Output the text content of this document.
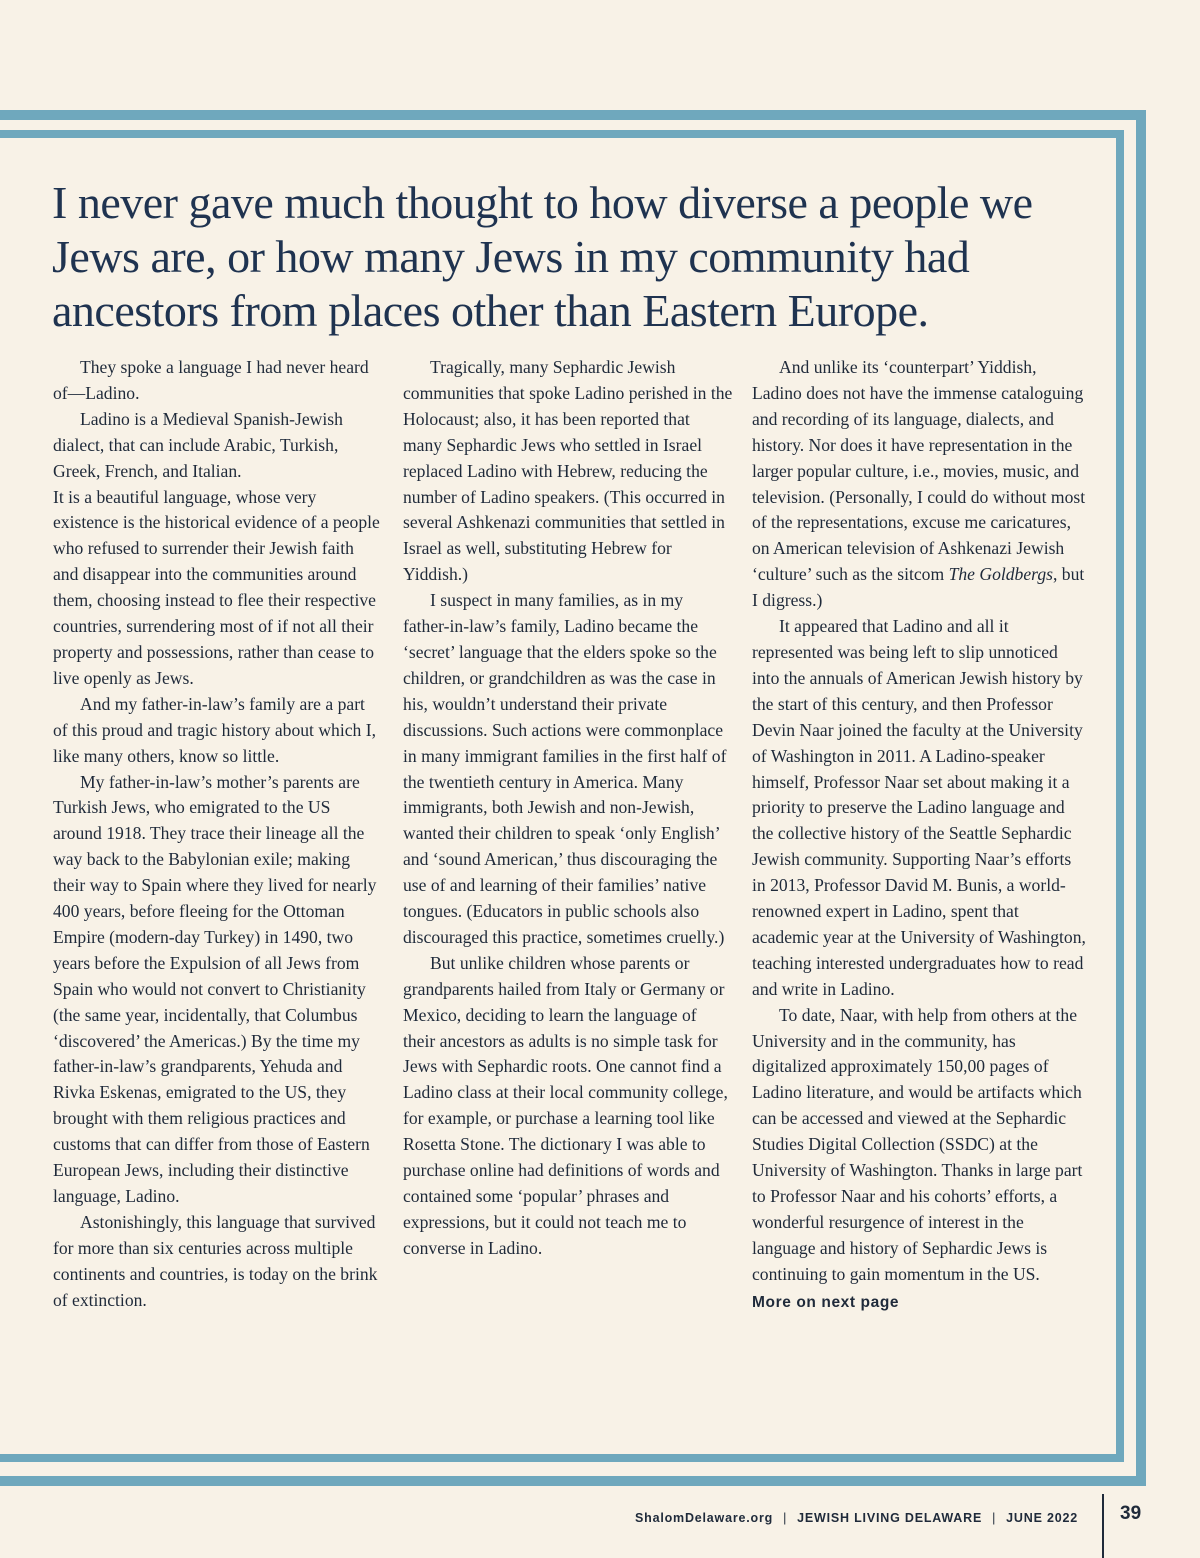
I never gave much thought to how diverse a people we Jews are, or how many Jews in my community had ancestors from places other than Eastern Europe.

They spoke a language I had never heard of—Ladino.

Ladino is a Medieval Spanish-Jewish dialect, that can include Arabic, Turkish, Greek, French, and Italian.

It is a beautiful language, whose very existence is the historical evidence of a people who refused to surrender their Jewish faith and disappear into the communities around them, choosing instead to flee their respective countries, surrendering most of if not all their property and possessions, rather than cease to live openly as Jews.

And my father-in-law’s family are a part of this proud and tragic history about which I, like many others, know so little.

My father-in-law’s mother’s parents are Turkish Jews, who emigrated to the US around 1918. They trace their lineage all the way back to the Babylonian exile; making their way to Spain where they lived for nearly 400 years, before fleeing for the Ottoman Empire (modern-day Turkey) in 1490, two years before the Expulsion of all Jews from Spain who would not convert to Christianity (the same year, incidentally, that Columbus ‘discovered’ the Americas.) By the time my father-in-law’s grandparents, Yehuda and Rivka Eskenas, emigrated to the US, they brought with them religious practices and customs that can differ from those of Eastern European Jews, including their distinctive language, Ladino.

Astonishingly, this language that survived for more than six centuries across multiple continents and countries, is today on the brink of extinction.

Tragically, many Sephardic Jewish communities that spoke Ladino perished in the Holocaust; also, it has been reported that many Sephardic Jews who settled in Israel replaced Ladino with Hebrew, reducing the number of Ladino speakers. (This occurred in several Ashkenazi communities that settled in Israel as well, substituting Hebrew for Yiddish.)

I suspect in many families, as in my father-in-law’s family, Ladino became the ‘secret’ language that the elders spoke so the children, or grandchildren as was the case in his, wouldn’t understand their private discussions. Such actions were commonplace in many immigrant families in the first half of the twentieth century in America. Many immigrants, both Jewish and non-Jewish, wanted their children to speak ‘only English’ and ‘sound American,’ thus discouraging the use of and learning of their families’ native tongues. (Educators in public schools also discouraged this practice, sometimes cruelly.)

But unlike children whose parents or grandparents hailed from Italy or Germany or Mexico, deciding to learn the language of their ancestors as adults is no simple task for Jews with Sephardic roots. One cannot find a Ladino class at their local community college, for example, or purchase a learning tool like Rosetta Stone. The dictionary I was able to purchase online had definitions of words and contained some ‘popular’ phrases and expressions, but it could not teach me to converse in Ladino.

And unlike its ‘counterpart’ Yiddish, Ladino does not have the immense cataloguing and recording of its language, dialects, and history. Nor does it have representation in the larger popular culture, i.e., movies, music, and television. (Personally, I could do without most of the representations, excuse me caricatures, on American television of Ashkenazi Jewish ‘culture’ such as the sitcom The Goldbergs, but I digress.)

It appeared that Ladino and all it represented was being left to slip unnoticed into the annuals of American Jewish history by the start of this century, and then Professor Devin Naar joined the faculty at the University of Washington in 2011. A Ladino-speaker himself, Professor Naar set about making it a priority to preserve the Ladino language and the collective history of the Seattle Sephardic Jewish community. Supporting Naar’s efforts in 2013, Professor David M. Bunis, a world-renowned expert in Ladino, spent that academic year at the University of Washington, teaching interested undergraduates how to read and write in Ladino.

To date, Naar, with help from others at the University and in the community, has digitalized approximately 150,00 pages of Ladino literature, and would be artifacts which can be accessed and viewed at the Sephardic Studies Digital Collection (SSDC) at the University of Washington. Thanks in large part to Professor Naar and his cohorts’ efforts, a wonderful resurgence of interest in the language and history of Sephardic Jews is continuing to gain momentum in the US.

More on next page
ShalomDelaware.org | JEWISH LIVING DELAWARE | JUNE 2022 39
